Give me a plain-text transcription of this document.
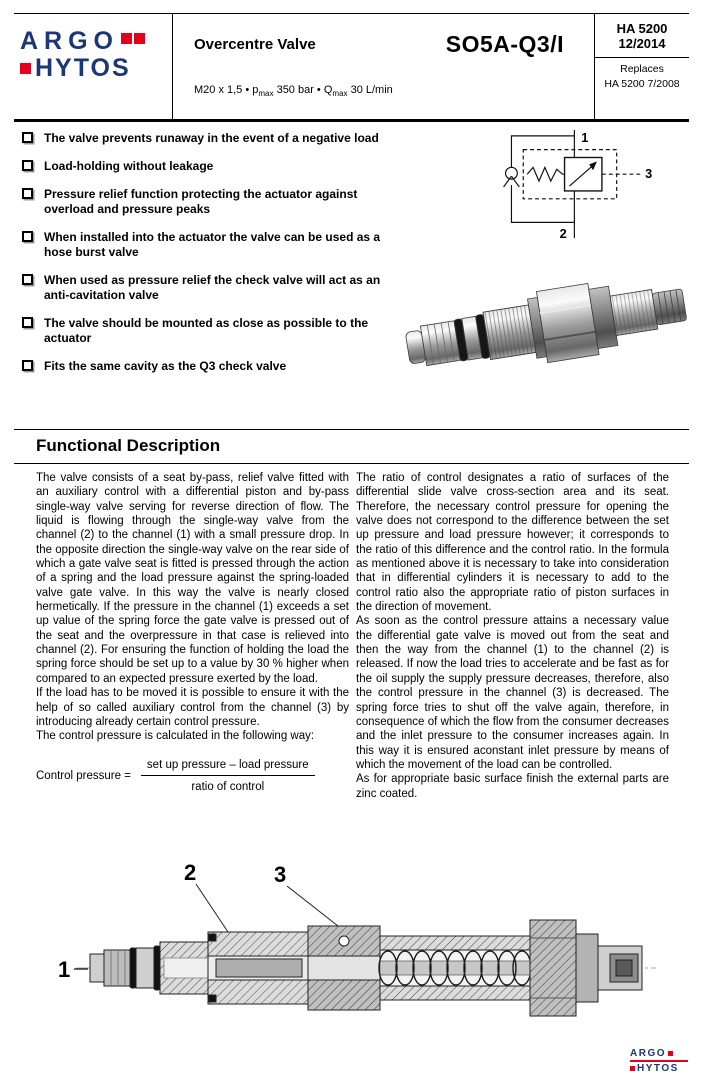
ARGO
HYTOS
Overcentre Valve
M20 x 1,5 • $p_{max}$ 350 bar • $Q_{max}$ 30 L/min
SO5A-Q3/I
HA 5200
12/2014
Replaces
HA 5200 7/2008
The valve prevents runaway in the event of a negative load
Load-holding without leakage
Pressure relief function protecting the actuator against overload and pressure peaks
When installed into the actuator the valve can be used as a hose burst valve
When used as pressure relief the check valve will act as an anti-cavitation valve
The valve should be mounted as close as possible to the actuator
Fits the same cavity as the Q3 check valve
1
3
2
Functional Description

The valve consists of a seat by-pass, relief valve fitted with an auxiliary control with a differential piston and by-pass single-way valve serving for reverse direction of flow. The liquid is flowing through the single-way valve from the channel (2) to the channel (1) with a small pressure drop. In the opposite direction the single-way valve on the rear side of which a gate valve seat is fitted is pressed through the action of a spring and the load pressure against the spring-loaded valve gate valve. In this way the valve is nearly closed hermetically. If the pressure in the channel (1) exceeds a set up value of the spring force the gate valve is pressed out of the seat and the overpressure in that case is relieved into channel (2). For ensuring the function of holding the load the spring force should be set up to a value by 30 % higher when compared to an expected pressure exerted by the load.

If the load has to be moved it is possible to ensure it with the help of so called auxiliary control from the channel (3) by introducing already certain control pressure.

The control pressure is calculated in the following way:

Control pressure = $\frac{\text{set up pressure – load pressure}}{\text{ratio of control}}$

The ratio of control designates a ratio of surfaces of the differential slide valve cross-section area and its seat. Therefore, the necessary control pressure for opening the valve does not correspond to the difference between the set up pressure and load pressure however; it corresponds to the ratio of this difference and the control ratio. In the formula as mentioned above it is necessary to take into consideration that in differential cylinders it is necessary to add to the control ratio also the appropriate ratio of piston surfaces in the direction of movement.

As soon as the control pressure attains a necessary value the differential gate valve is moved out from the seat and then the way from the channel (1) to the channel (2) is released. If now the load tries to accelerate and be fast as for the oil supply the supply pressure decreases, therefore, also the control pressure in the channel (3) is decreased. The spring force tries to shut off the valve again, therefore, in consequence of which the flow from the consumer decreases and the inlet pressure to the consumer increases again. In this way it is ensured aconstant inlet pressure by means of which the movement of the load can be controlled.

As for appropriate basic surface finish the external parts are zinc coated.

1
2	3
ARGO
HYTOS
